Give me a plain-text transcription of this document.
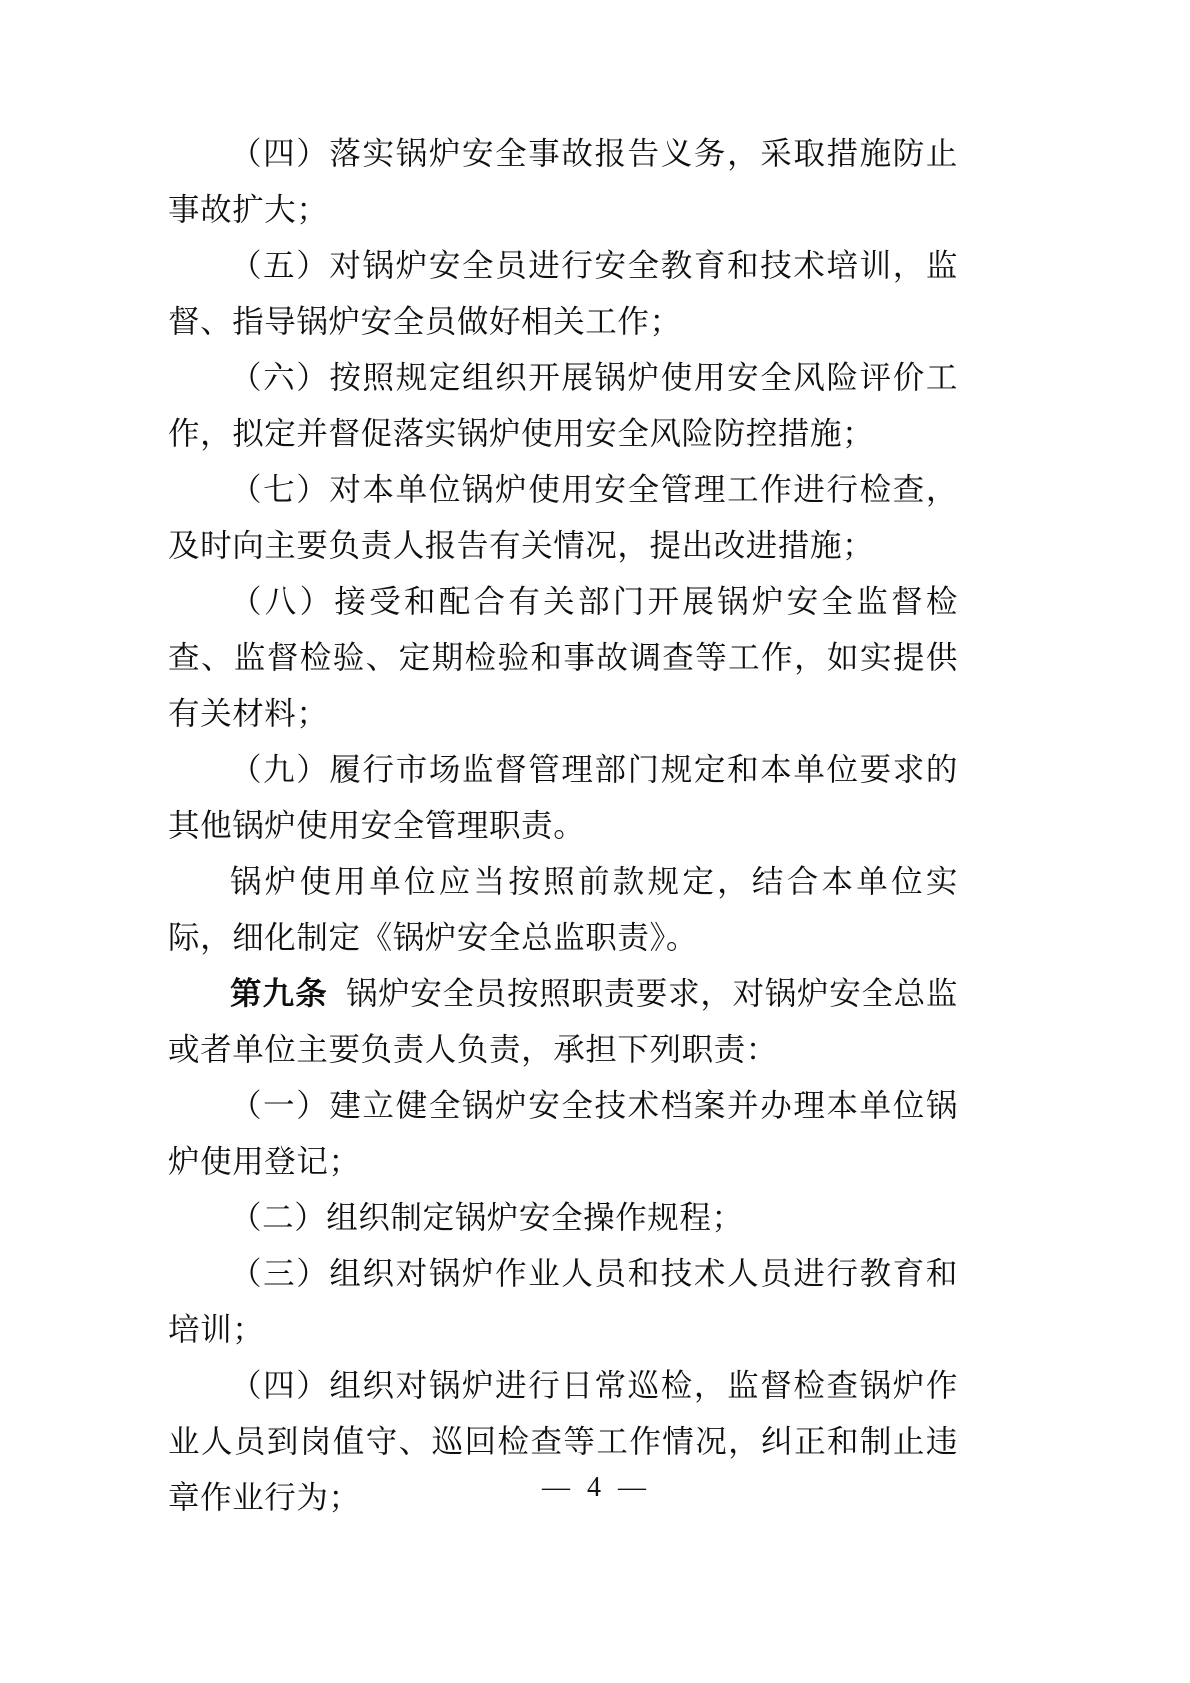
（四）落实锅炉安全事故报告义务，采取措施防止事故扩大；

（五）对锅炉安全员进行安全教育和技术培训，监督、指导锅炉安全员做好相关工作；

（六）按照规定组织开展锅炉使用安全风险评价工作，拟定并督促落实锅炉使用安全风险防控措施；

（七）对本单位锅炉使用安全管理工作进行检查，及时向主要负责人报告有关情况，提出改进措施；

（八）接受和配合有关部门开展锅炉安全监督检查、监督检验、定期检验和事故调查等工作，如实提供有关材料；

（九）履行市场监督管理部门规定和本单位要求的其他锅炉使用安全管理职责。

锅炉使用单位应当按照前款规定，结合本单位实际，细化制定《锅炉安全总监职责》。

第九条 锅炉安全员按照职责要求，对锅炉安全总监或者单位主要负责人负责，承担下列职责：

（一）建立健全锅炉安全技术档案并办理本单位锅炉使用登记；

（二）组织制定锅炉安全操作规程；

（三）组织对锅炉作业人员和技术人员进行教育和培训；

（四）组织对锅炉进行日常巡检，监督检查锅炉作业人员到岗值守、巡回检查等工作情况，纠正和制止违章作业行为；	— 4 —
